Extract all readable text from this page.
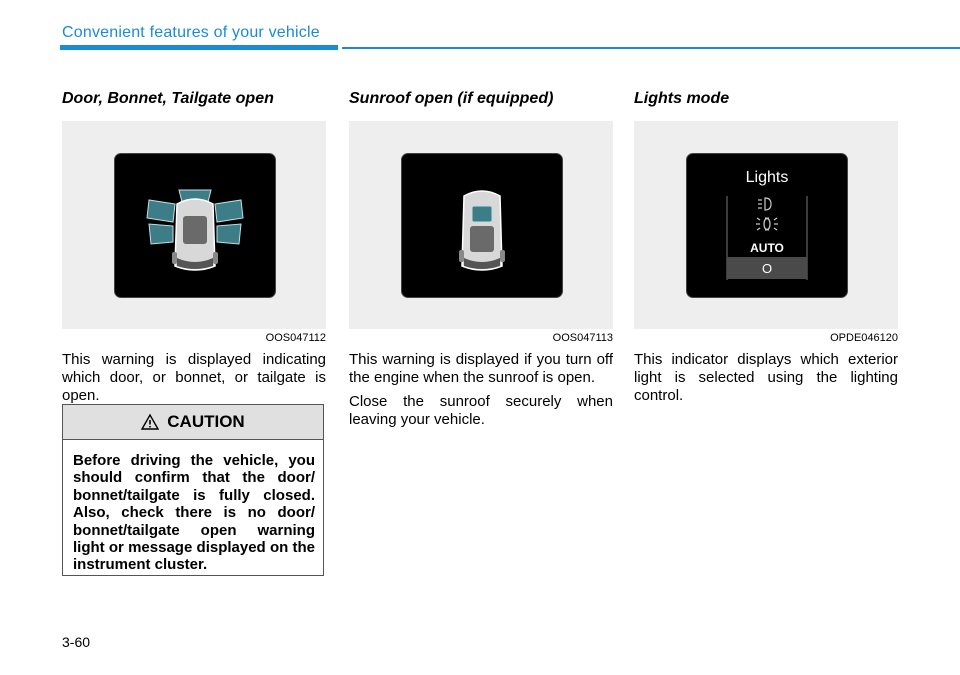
Convenient features of your vehicle
Door, Bonnet, Tailgate open
OOS047112

This warning is displayed indicating which door, or bonnet, or tailgate is open.

Sunroof open (if equipped)
OOS047113

This warning is displayed if you turn off the engine when the sunroof is open.

Close the sunroof securely when leaving your vehicle.

Lights mode
Lights
AUTO
O
OPDE046120

This indicator displays which exterior light is selected using the lighting control.

CAUTION
Before driving the vehicle, you should confirm that the door/ bonnet/tailgate is fully closed. Also, check there is no door/ bonnet/tailgate open warning light or message displayed on the instrument cluster.
3-60
